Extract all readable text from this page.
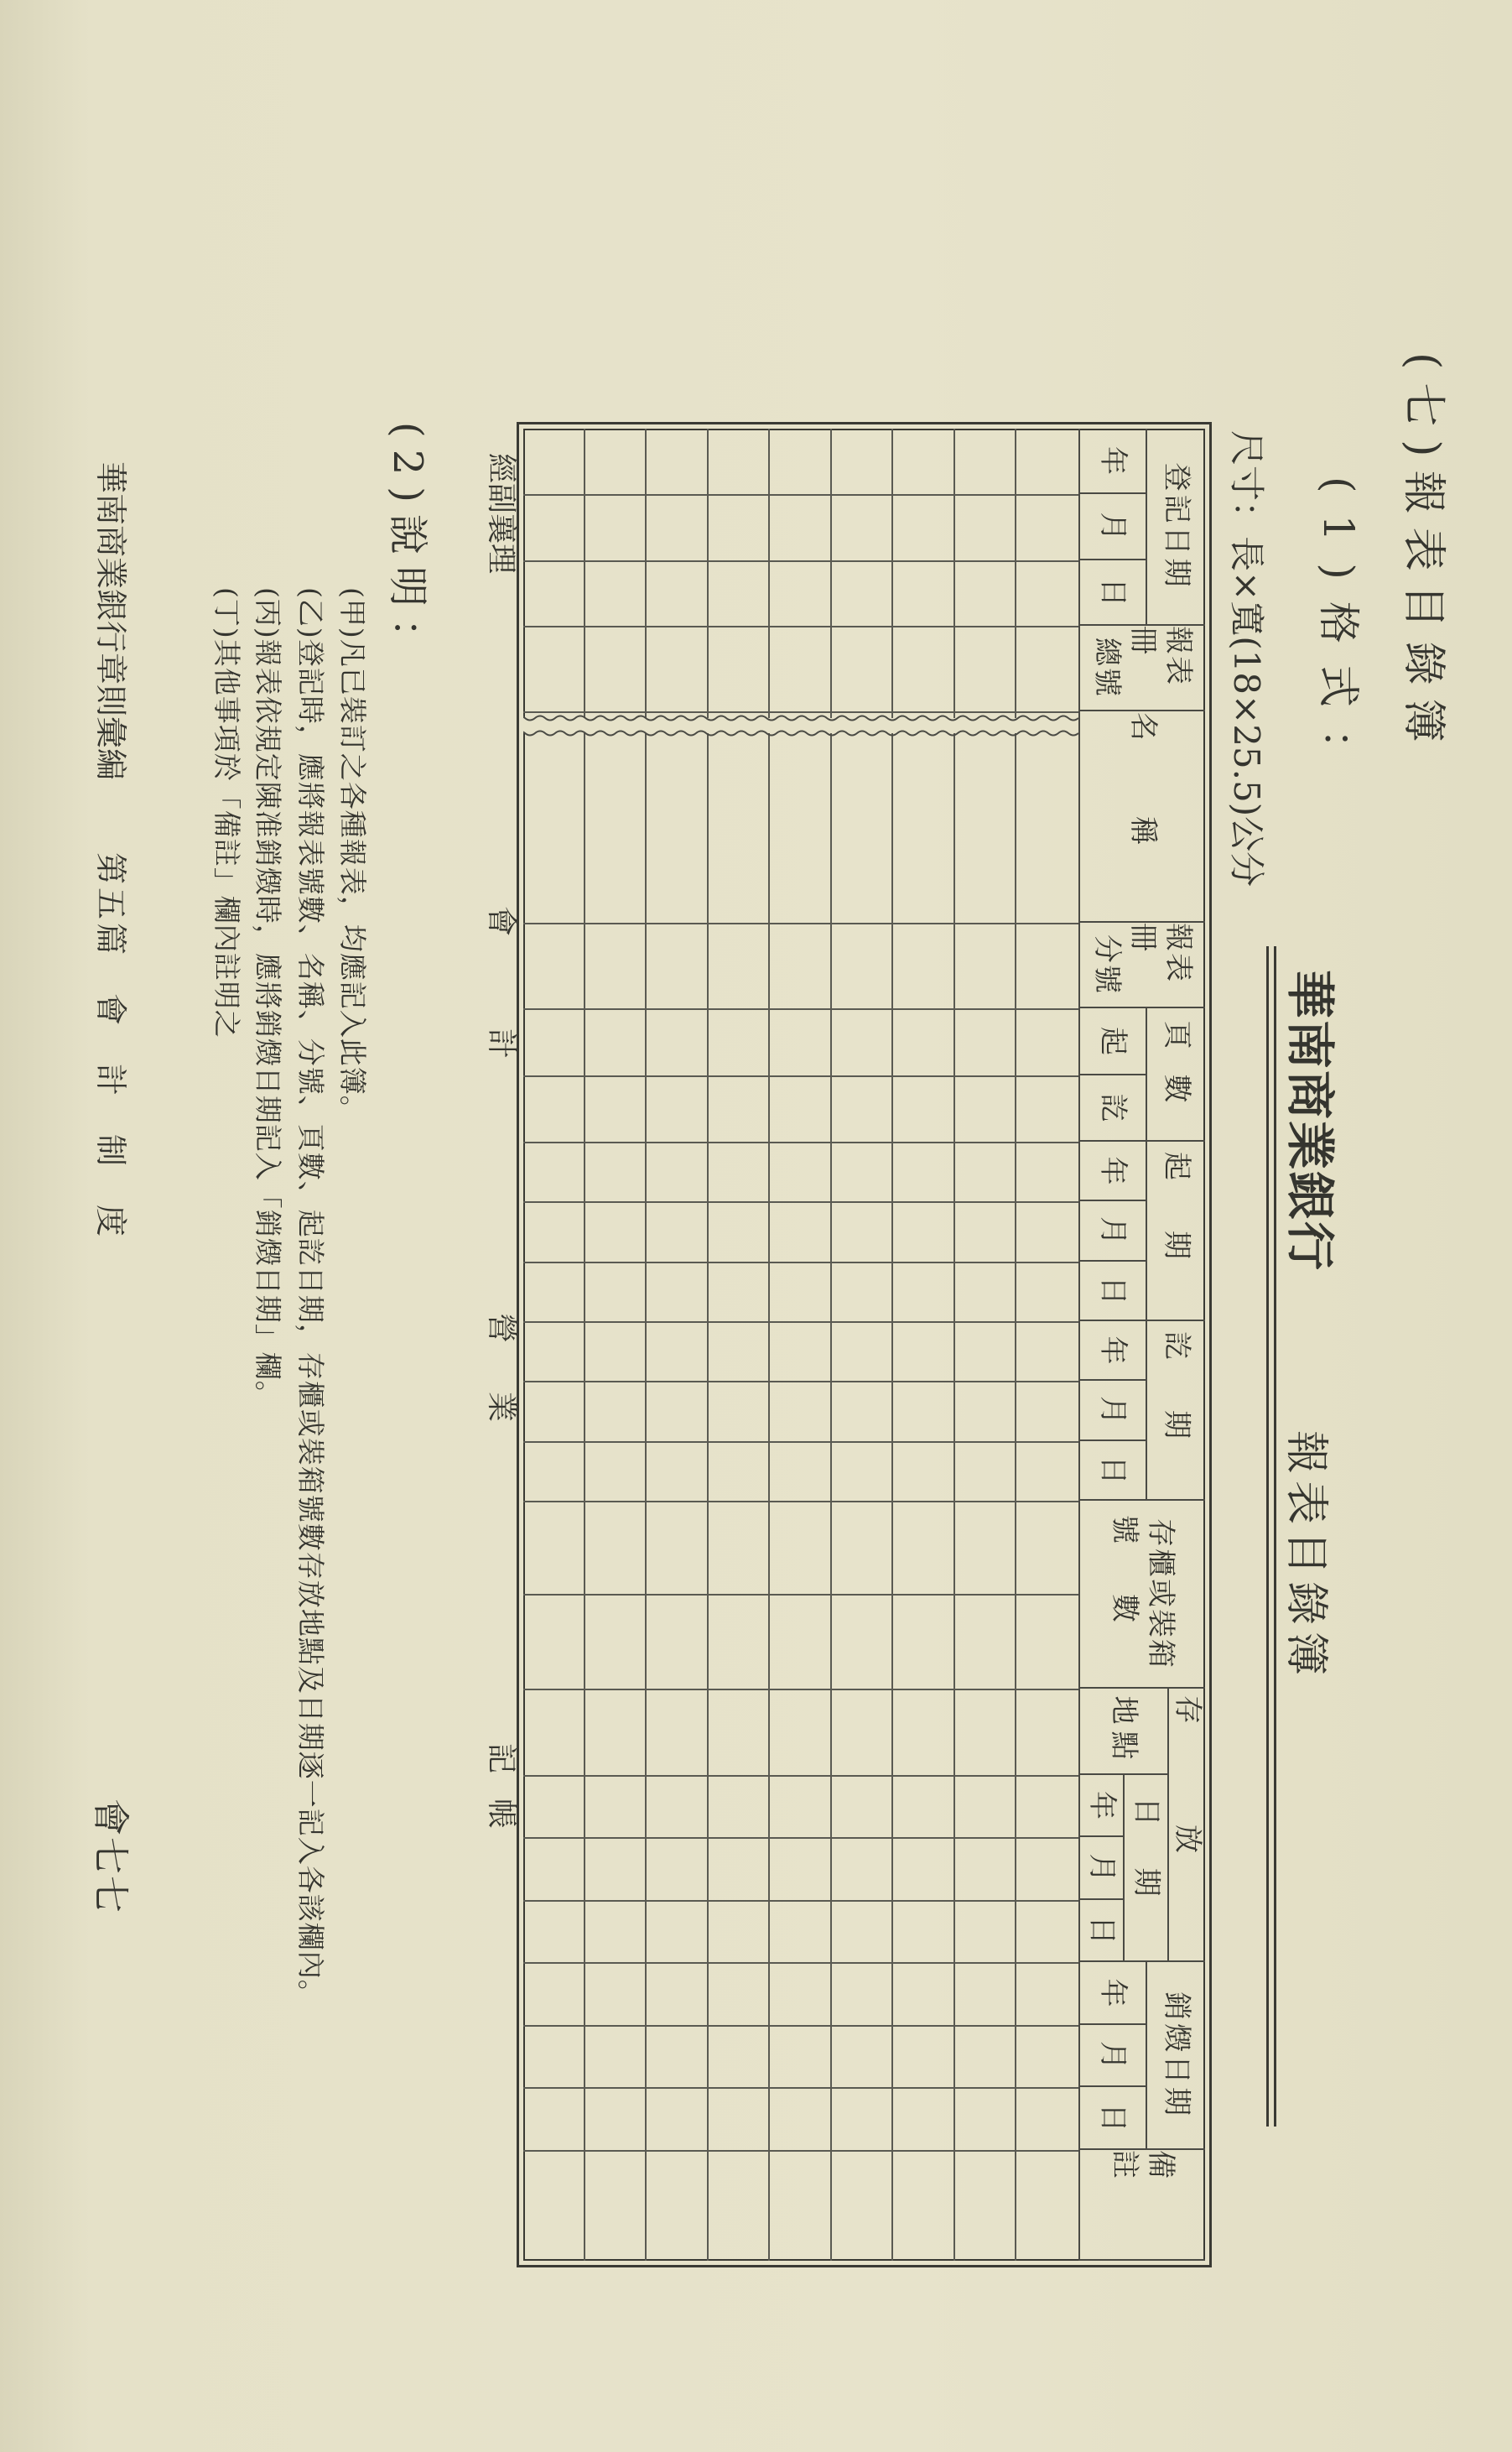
(七)報表目錄簿
(1)格式：
尺寸：長×寬(18×25.5)公分
華南商業銀行
報表目錄簿
登記日期
年
月
日
報表冊
總號
名稱
報表冊
分號
頁數
起
訖
起期
年
月
日
訖期
年
月
日
存櫃或裝箱
號數
存放
地點
日期
年
月
日
銷燬日期
年
月
日
備註
經副襄理
會計
營業
記帳
(2)說明：
(甲)凡已裝訂之各種報表，均應記入此簿。
(乙)登記時，應將報表號數、名稱、分號、頁數、起訖日期，存櫃或裝箱號數存放地點及日期逐一記入各該欄內。
(丙)報表依規定陳准銷燬時，應將銷燬日期記入「銷燬日期」欄。
(丁)其他事項於「備註」欄內註明之
華南商業銀行章則彙編
第五篇　會　計　制　度
會七七
